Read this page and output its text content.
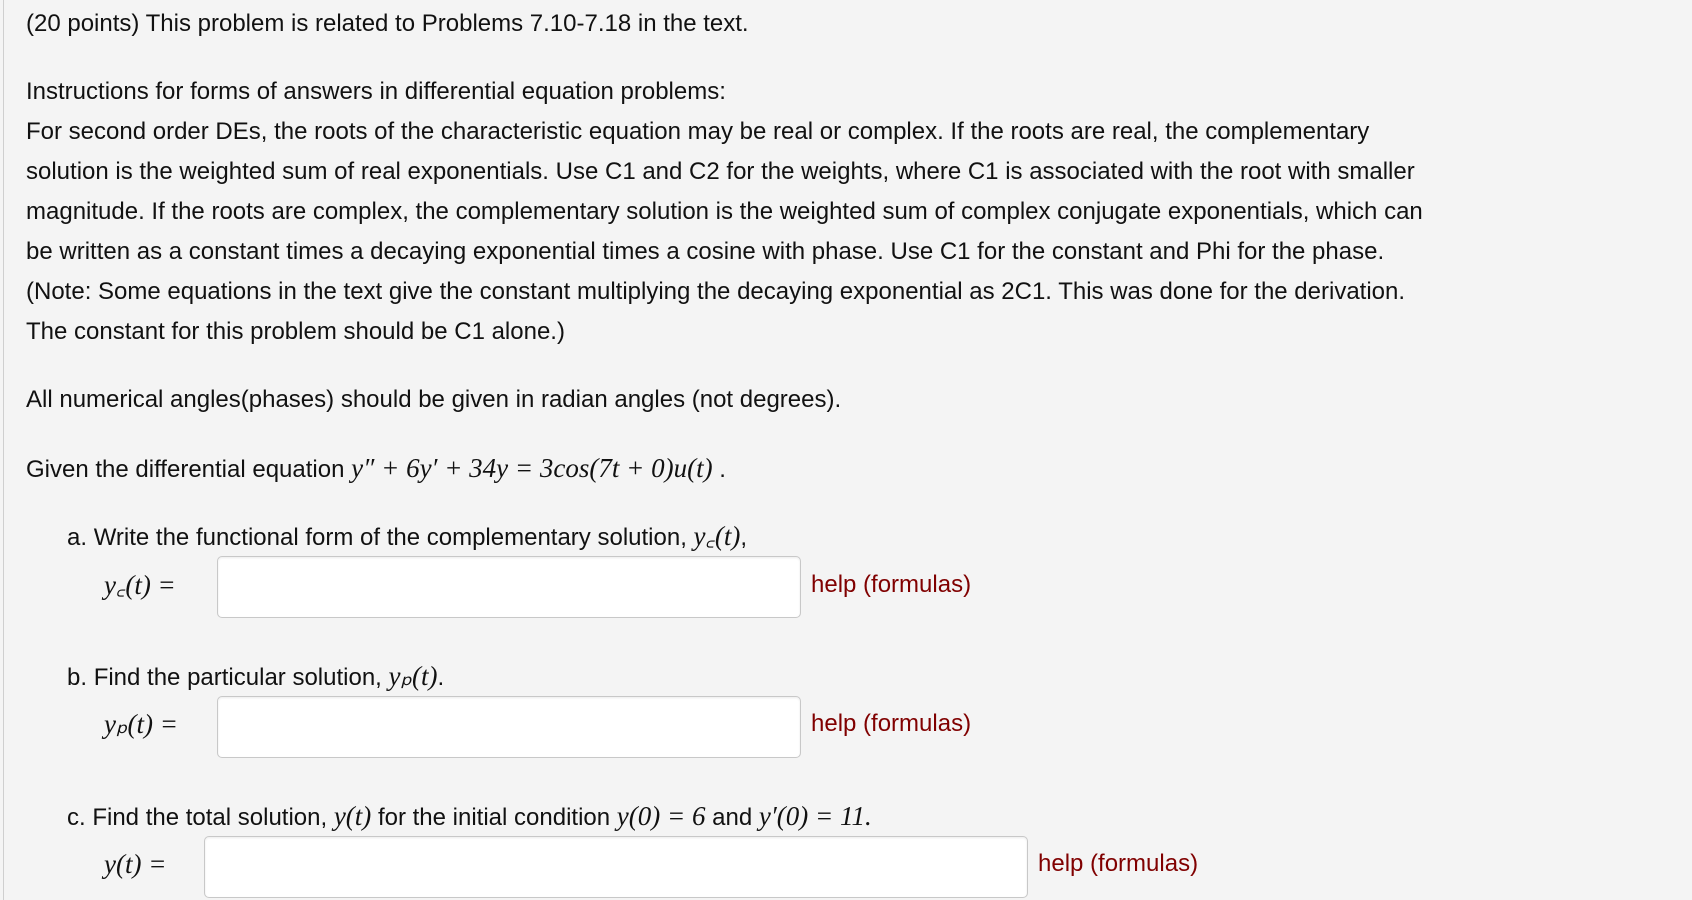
(20 points) This problem is related to Problems 7.10-7.18 in the text.
Instructions for forms of answers in differential equation problems:
For second order DEs, the roots of the characteristic equation may be real or complex. If the roots are real, the complementary
solution is the weighted sum of real exponentials. Use C1 and C2 for the weights, where C1 is associated with the root with smaller
magnitude. If the roots are complex, the complementary solution is the weighted sum of complex conjugate exponentials, which can
be written as a constant times a decaying exponential times a cosine with phase. Use C1 for the constant and Phi for the phase.
(Note: Some equations in the text give the constant multiplying the decaying exponential as 2C1. This was done for the derivation.
The constant for this problem should be C1 alone.)
All numerical angles(phases) should be given in radian angles (not degrees).
Given the differential equation y″ + 6y′ + 34y = 3cos(7t + 0)u(t) .
a. Write the functional form of the complementary solution, y꜀(t),
y꜀(t) =	help (formulas)
b. Find the particular solution, yₚ(t).
yₚ(t) =	help (formulas)
c. Find the total solution, y(t) for the initial condition y(0) = 6 and y′(0) = 11.
y(t) =	help (formulas)
